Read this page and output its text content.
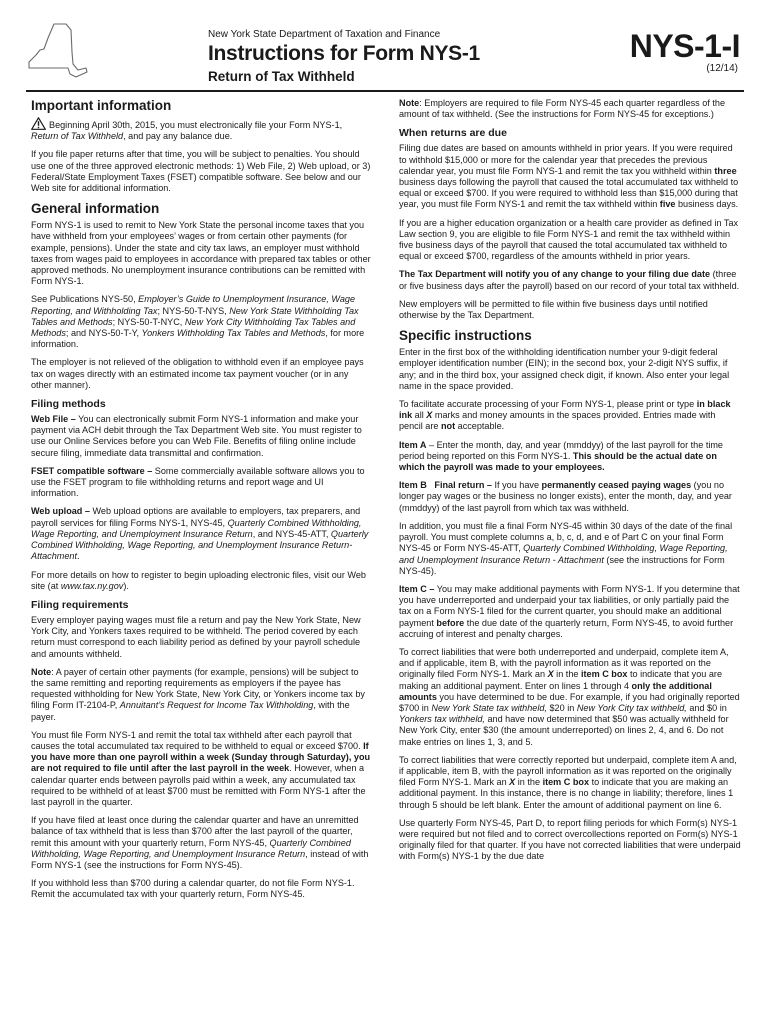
New York State Department of Taxation and Finance
Instructions for Form NYS-1
Return of Tax Withheld
NYS-1-I
(12/14)
Important information

Beginning April 30th, 2015, you must electronically file your Form NYS-1, Return of Tax Withheld, and pay any balance due.

If you file paper returns after that time, you will be subject to penalties. You should use one of the three approved electronic methods: 1) Web File, 2) Web upload, or 3) Federal/State Employment Taxes (FSET) compatible software. See below and our Web site for additional information.

General information

Form NYS-1 is used to remit to New York State the personal income taxes that you have withheld from your employees’ wages or from certain other payments (for example, pensions). Under the state and city tax laws, an employer must withhold taxes from wages paid to employees in accordance with prepared tax tables or other approved methods. No unemployment insurance contributions can be remitted with Form NYS-1.

See Publications NYS-50, Employer’s Guide to Unemployment Insurance, Wage Reporting, and Withholding Tax; NYS-50-T-NYS, New York State Withholding Tax Tables and Methods; NYS-50-T-NYC, New York City Withholding Tax Tables and Methods; and NYS-50-T-Y, Yonkers Withholding Tax Tables and Methods, for more information.

The employer is not relieved of the obligation to withhold even if an employee pays tax on wages directly with an estimated income tax payment voucher (or in any other manner).

Filing methods

Web File – You can electronically submit Form NYS-1 information and make your payment via ACH debit through the Tax Department Web site. You must register to use our Online Services before you can Web File. Benefits of filing online include secure filing, immediate data transmittal and confirmation.

FSET compatible software – Some commercially available software allows you to use the FSET program to file withholding returns and report wage and UI information.

Web upload – Web upload options are available to employers, tax preparers, and payroll services for filing Forms NYS-1, NYS-45, Quarterly Combined Withholding, Wage Reporting, and Unemployment Insurance Return, and NYS-45-ATT, Quarterly Combined Withholding, Wage Reporting, and Unemployment Insurance Return-Attachment.

For more details on how to register to begin uploading electronic files, visit our Web site (at www.tax.ny.gov).

Filing requirements

Every employer paying wages must file a return and pay the New York State, New York City, and Yonkers taxes required to be withheld. The period covered by each return must correspond to each liability period as defined by your payroll schedule and amounts withheld.

Note: A payer of certain other payments (for example, pensions) will be subject to the same remitting and reporting requirements as employers if the payee has requested withholding for New York State, New York City, or Yonkers income tax by filing Form IT-2104-P, Annuitant’s Request for Income Tax Withholding, with the payer.

You must file Form NYS-1 and remit the total tax withheld after each payroll that causes the total accumulated tax required to be withheld to equal or exceed $700. If you have more than one payroll within a week (Sunday through Saturday), you are not required to file until after the last payroll in the week. However, when a calendar quarter ends between payrolls paid within a week, any accumulated tax required to be withheld of at least $700 must be remitted with Form NYS-1 after the last payroll in the quarter.

If you have filed at least once during the calendar quarter and have an unremitted balance of tax withheld that is less than $700 after the last payroll of the quarter, remit this amount with your quarterly return, Form NYS-45, Quarterly Combined Withholding, Wage Reporting, and Unemployment Insurance Return, instead of with Form NYS-1 (see the instructions for Form NYS-45).

If you withhold less than $700 during a calendar quarter, do not file Form NYS-1. Remit the accumulated tax with your quarterly return, Form NYS-45.

Note: Employers are required to file Form NYS-45 each quarter regardless of the amount of tax withheld. (See the instructions for Form NYS-45 for exceptions.)

When returns are due

Filing due dates are based on amounts withheld in prior years. If you were required to withhold $15,000 or more for the calendar year that precedes the previous calendar year, you must file Form NYS-1 and remit the tax you withheld within three business days following the payroll that caused the total accumulated tax withheld to equal or exceed $700. If you were required to withhold less than $15,000 during that year, you must file Form NYS-1 and remit the tax withheld within five business days.

If you are a higher education organization or a health care provider as defined in Tax Law section 9, you are eligible to file Form NYS-1 and remit the tax withheld within five business days of the payroll that caused the total accumulated tax withheld to equal or exceed $700, regardless of the amounts withheld in prior years.

The Tax Department will notify you of any change to your filing due date (three or five business days after the payroll) based on our record of your total tax withheld.

New employers will be permitted to file within five business days until notified otherwise by the Tax Department.

Specific instructions

Enter in the first box of the withholding identification number your 9-digit federal employer identification number (EIN); in the second box, your 2-digit NYS suffix, if any; and in the third box, your assigned check digit, if known. Also enter your legal name in the space provided.

To facilitate accurate processing of your Form NYS-1, please print or type in black ink all X marks and money amounts in the spaces provided. Entries made with pencil are not acceptable.

Item A – Enter the month, day, and year (mmddyy) of the last payroll for the time period being reported on this Form NYS-1. This should be the actual date on which the payroll was made to your employees.

Item B Final return – If you have permanently ceased paying wages (you no longer pay wages or the business no longer exists), enter the month, day, and year (mmddyy) of the last payroll from which tax was withheld.

In addition, you must file a final Form NYS-45 within 30 days of the date of the final payroll. You must complete columns a, b, c, d, and e of Part C on your final Form NYS-45 or Form NYS-45-ATT, Quarterly Combined Withholding, Wage Reporting, and Unemployment Insurance Return - Attachment (see the instructions for Form NYS-45).

Item C – You may make additional payments with Form NYS-1. If you determine that you have underreported and underpaid your tax liabilities, or only partially paid the tax on a Form NYS-1 filed for the current quarter, you should make an additional payment before the due date of the quarterly return, Form NYS-45, to avoid further accruing of interest and penalty charges.

To correct liabilities that were both underreported and underpaid, complete item A, and if applicable, item B, with the payroll information as it was reported on the originally filed Form NYS-1. Mark an X in the item C box to indicate that you are making an additional payment. Enter on lines 1 through 4 only the additional amounts you have determined to be due. For example, if you had originally reported $700 in New York State tax withheld, $20 in New York City tax withheld, and $0 in Yonkers tax withheld, and have now determined that $50 was actually withheld for New York City, enter $30 (the amount underreported) on lines 2, 4, and 6. Do not make entries on lines 1, 3, and 5.

To correct liabilities that were correctly reported but underpaid, complete item A and, if applicable, item B, with the payroll information as it was reported on the originally filed Form NYS-1. Mark an X in the item C box to indicate that you are making an additional payment. In this instance, there is no change in liability; therefore, lines 1 through 5 should be left blank. Enter the amount of additional payment on line 6.

Use quarterly Form NYS-45, Part D, to report filing periods for which Form(s) NYS-1 were required but not filed and to correct overcollections reported on Form(s) NYS-1 originally filed for that quarter. If you have not corrected liabilities that were underpaid with Form(s) NYS-1 by the due date
